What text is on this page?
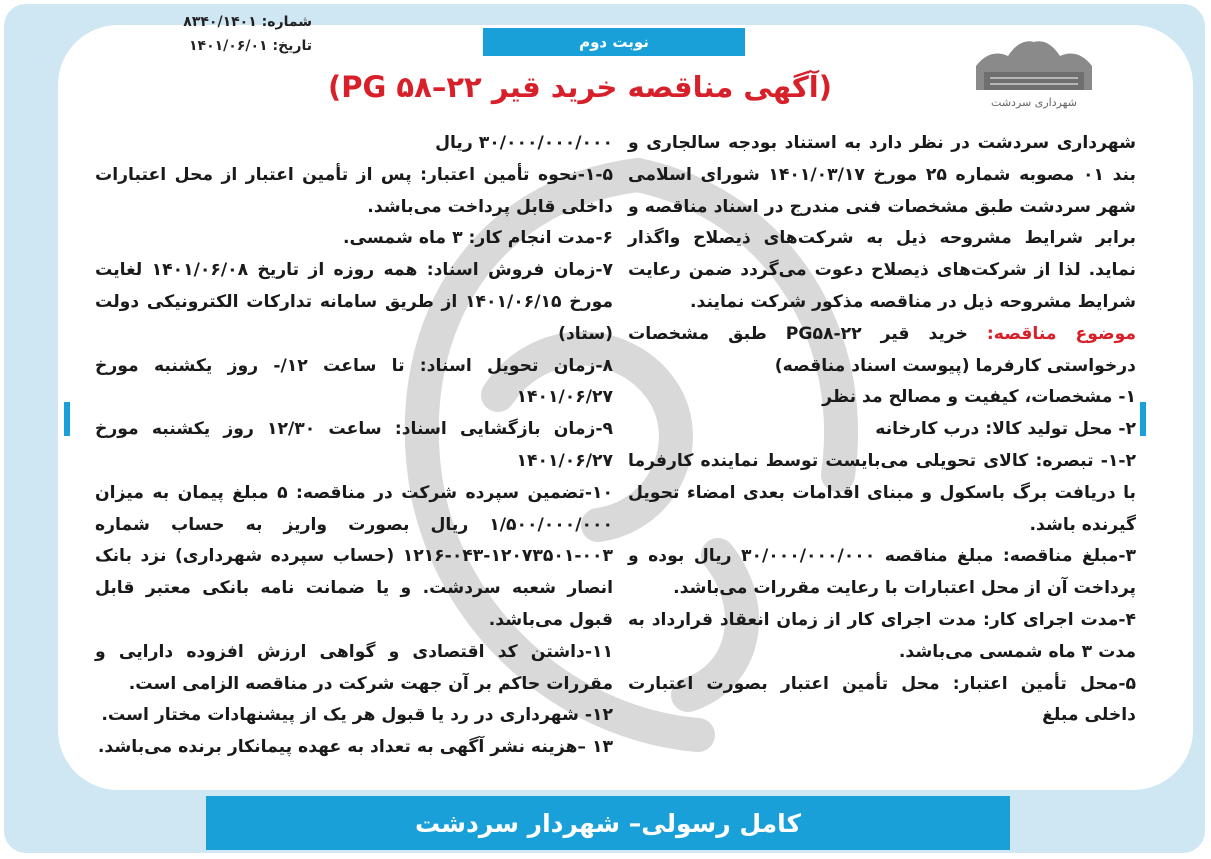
نوبت دوم
شماره: ۸۳۴۰/۱۴۰۱
تاریخ: ۱۴۰۱/۰۶/۰۱
شهرداری سردشت
(آگهی مناقصه خرید قیر ۲۲–PG ۵۸)

شهرداری سردشت در نظر دارد به استناد بودجه سالجاری و بند ۰۱ مصوبه شماره ۲۵ مورخ ۱۴۰۱/۰۳/۱۷ شورای اسلامی شهر سردشت طبق مشخصات فنی مندرج در اسناد مناقصه و برابر شرایط مشروحه ذیل به شرکت‌های ذیصلاح واگذار نماید. لذا از شرکت‌های ذیصلاح دعوت می‌گردد ضمن رعایت شرایط مشروحه ذیل در مناقصه مذکور شرکت نمایند.

موضوع مناقصه: خرید قیر ۲۲-PG۵۸ طبق مشخصات درخواستی کارفرما (پیوست اسناد مناقصه)

۱- مشخصات، کیفیت و مصالح مد نظر

۲- محل تولید کالا: درب کارخانه

۱-۲- تبصره: کالای تحویلی می‌بایست توسط نماینده کارفرما با دریافت برگ باسکول و مبنای اقدامات بعدی امضاء تحویل گیرنده باشد.

۳-مبلغ مناقصه: مبلغ مناقصه ۳۰/۰۰۰/۰۰۰/۰۰۰ ریال بوده و پرداخت آن از محل اعتبارات با رعایت مقررات می‌باشد.

۴-مدت اجرای کار: مدت اجرای کار از زمان انعقاد قرارداد به مدت ۳ ماه شمسی می‌باشد.

۵-محل تأمین اعتبار: محل تأمین اعتبار بصورت اعتبارت داخلی مبلغ

۳۰/۰۰۰/۰۰۰/۰۰۰ ریال

۱-۵-نحوه تأمین اعتبار: پس از تأمین اعتبار از محل اعتبارات داخلی قابل پرداخت می‌باشد.

۶-مدت انجام کار: ۳ ماه شمسی.

۷-زمان فروش اسناد: همه روزه از تاریخ ۱۴۰۱/۰۶/۰۸ لغایت مورخ ۱۴۰۱/۰۶/۱۵ از طریق سامانه تدارکات الکترونیکی دولت (ستاد)

۸-زمان تحویل اسناد: تا ساعت ۱۲/- روز یکشنبه مورخ ۱۴۰۱/۰۶/۲۷

۹-زمان بازگشایی اسناد: ساعت ۱۲/۳۰ روز یکشنبه مورخ ۱۴۰۱/۰۶/۲۷

۱۰-تضمین سپرده شرکت در مناقصه: ۵ مبلغ پیمان به میزان ۱/۵۰۰/۰۰۰/۰۰۰ ریال بصورت واریز به حساب شماره ۰۰۳-۱۲۰۷۳۵۰۱-۰۴۳-۱۲۱۶ (حساب سپرده شهرداری) نزد بانک انصار شعبه سردشت. و یا ضمانت نامه بانکی معتبر قابل قبول می‌باشد.

۱۱-داشتن کد اقتصادی و گواهی ارزش افزوده دارایی و مقررات حاکم بر آن جهت شرکت در مناقصه الزامی است.

۱۲- شهرداری در رد یا قبول هر یک از پیشنهادات مختار است.

۱۳ –هزینه نشر آگهی به تعداد به عهده پیمانکار برنده می‌باشد.

کامل رسولی– شهردار سردشت
